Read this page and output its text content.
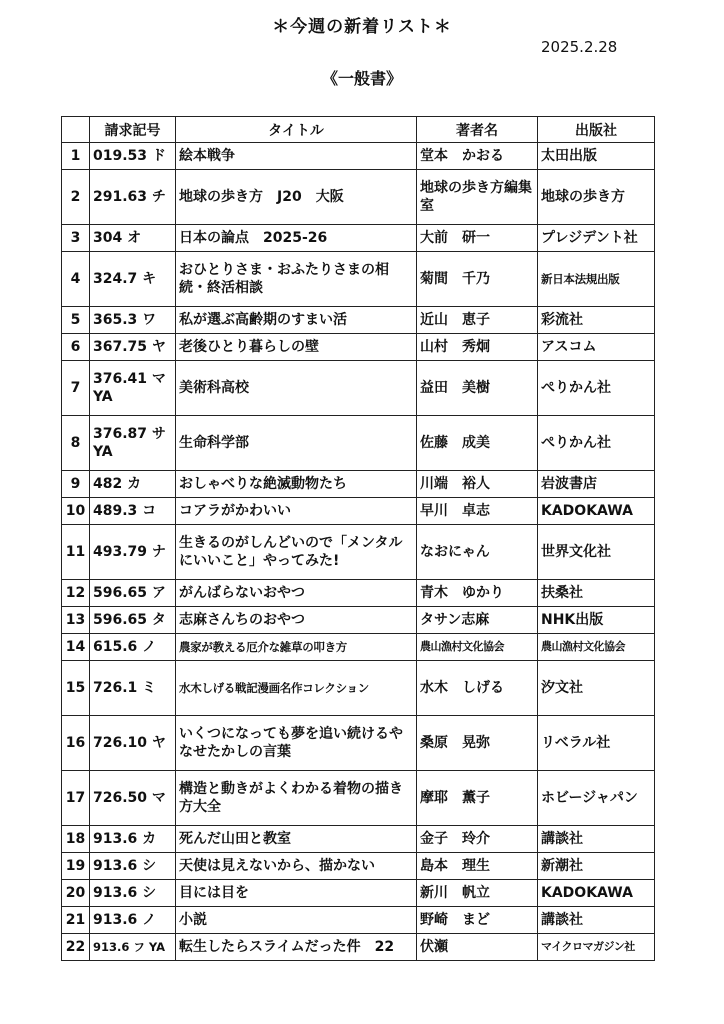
＊今週の新着リスト＊
2025.2.28
《一般書》
	請求記号	タイトル	著者名	出版社
1	019.53 ド	絵本戦争	堂本　かおる	太田出版
2	291.63 チ	地球の歩き方　J20　大阪	地球の歩き方編集室	地球の歩き方
3	304 オ	日本の論点　2025-26	大前　研一	プレジデント社
4	324.7 キ	おひとりさま・おふたりさまの相続・終活相談	菊間　千乃	新日本法規出版
5	365.3 ワ	私が選ぶ高齢期のすまい活	近山　恵子	彩流社
6	367.75 ヤ	老後ひとり暮らしの壁	山村　秀炯	アスコム
7	376.41 マ YA	美術科高校	益田　美樹	ぺりかん社
8	376.87 サ YA	生命科学部	佐藤　成美	ぺりかん社
9	482 カ	おしゃべりな絶滅動物たち	川端　裕人	岩波書店
10	489.3 コ	コアラがかわいい	早川　卓志	KADOKAWA
11	493.79 ナ	生きるのがしんどいので「メンタルにいいこと」やってみた!	なおにゃん	世界文化社
12	596.65 ア	がんばらないおやつ	青木　ゆかり	扶桑社
13	596.65 タ	志麻さんちのおやつ	タサン志麻	NHK出版
14	615.6 ノ	農家が教える厄介な雑草の叩き方	農山漁村文化協会	農山漁村文化協会
15	726.1 ミ	水木しげる戦記漫画名作コレクション	水木　しげる	汐文社
16	726.10 ヤ	いくつになっても夢を追い続けるやなせたかしの言葉	桑原　晃弥	リベラル社
17	726.50 マ	構造と動きがよくわかる着物の描き方大全	摩耶　薫子	ホビージャパン
18	913.6 カ	死んだ山田と教室	金子　玲介	講談社
19	913.6 シ	天使は見えないから、描かない	島本　理生	新潮社
20	913.6 シ	目には目を	新川　帆立	KADOKAWA
21	913.6 ノ	小説	野崎　まど	講談社
22	913.6 フ YA	転生したらスライムだった件　22	伏瀬	マイクロマガジン社
